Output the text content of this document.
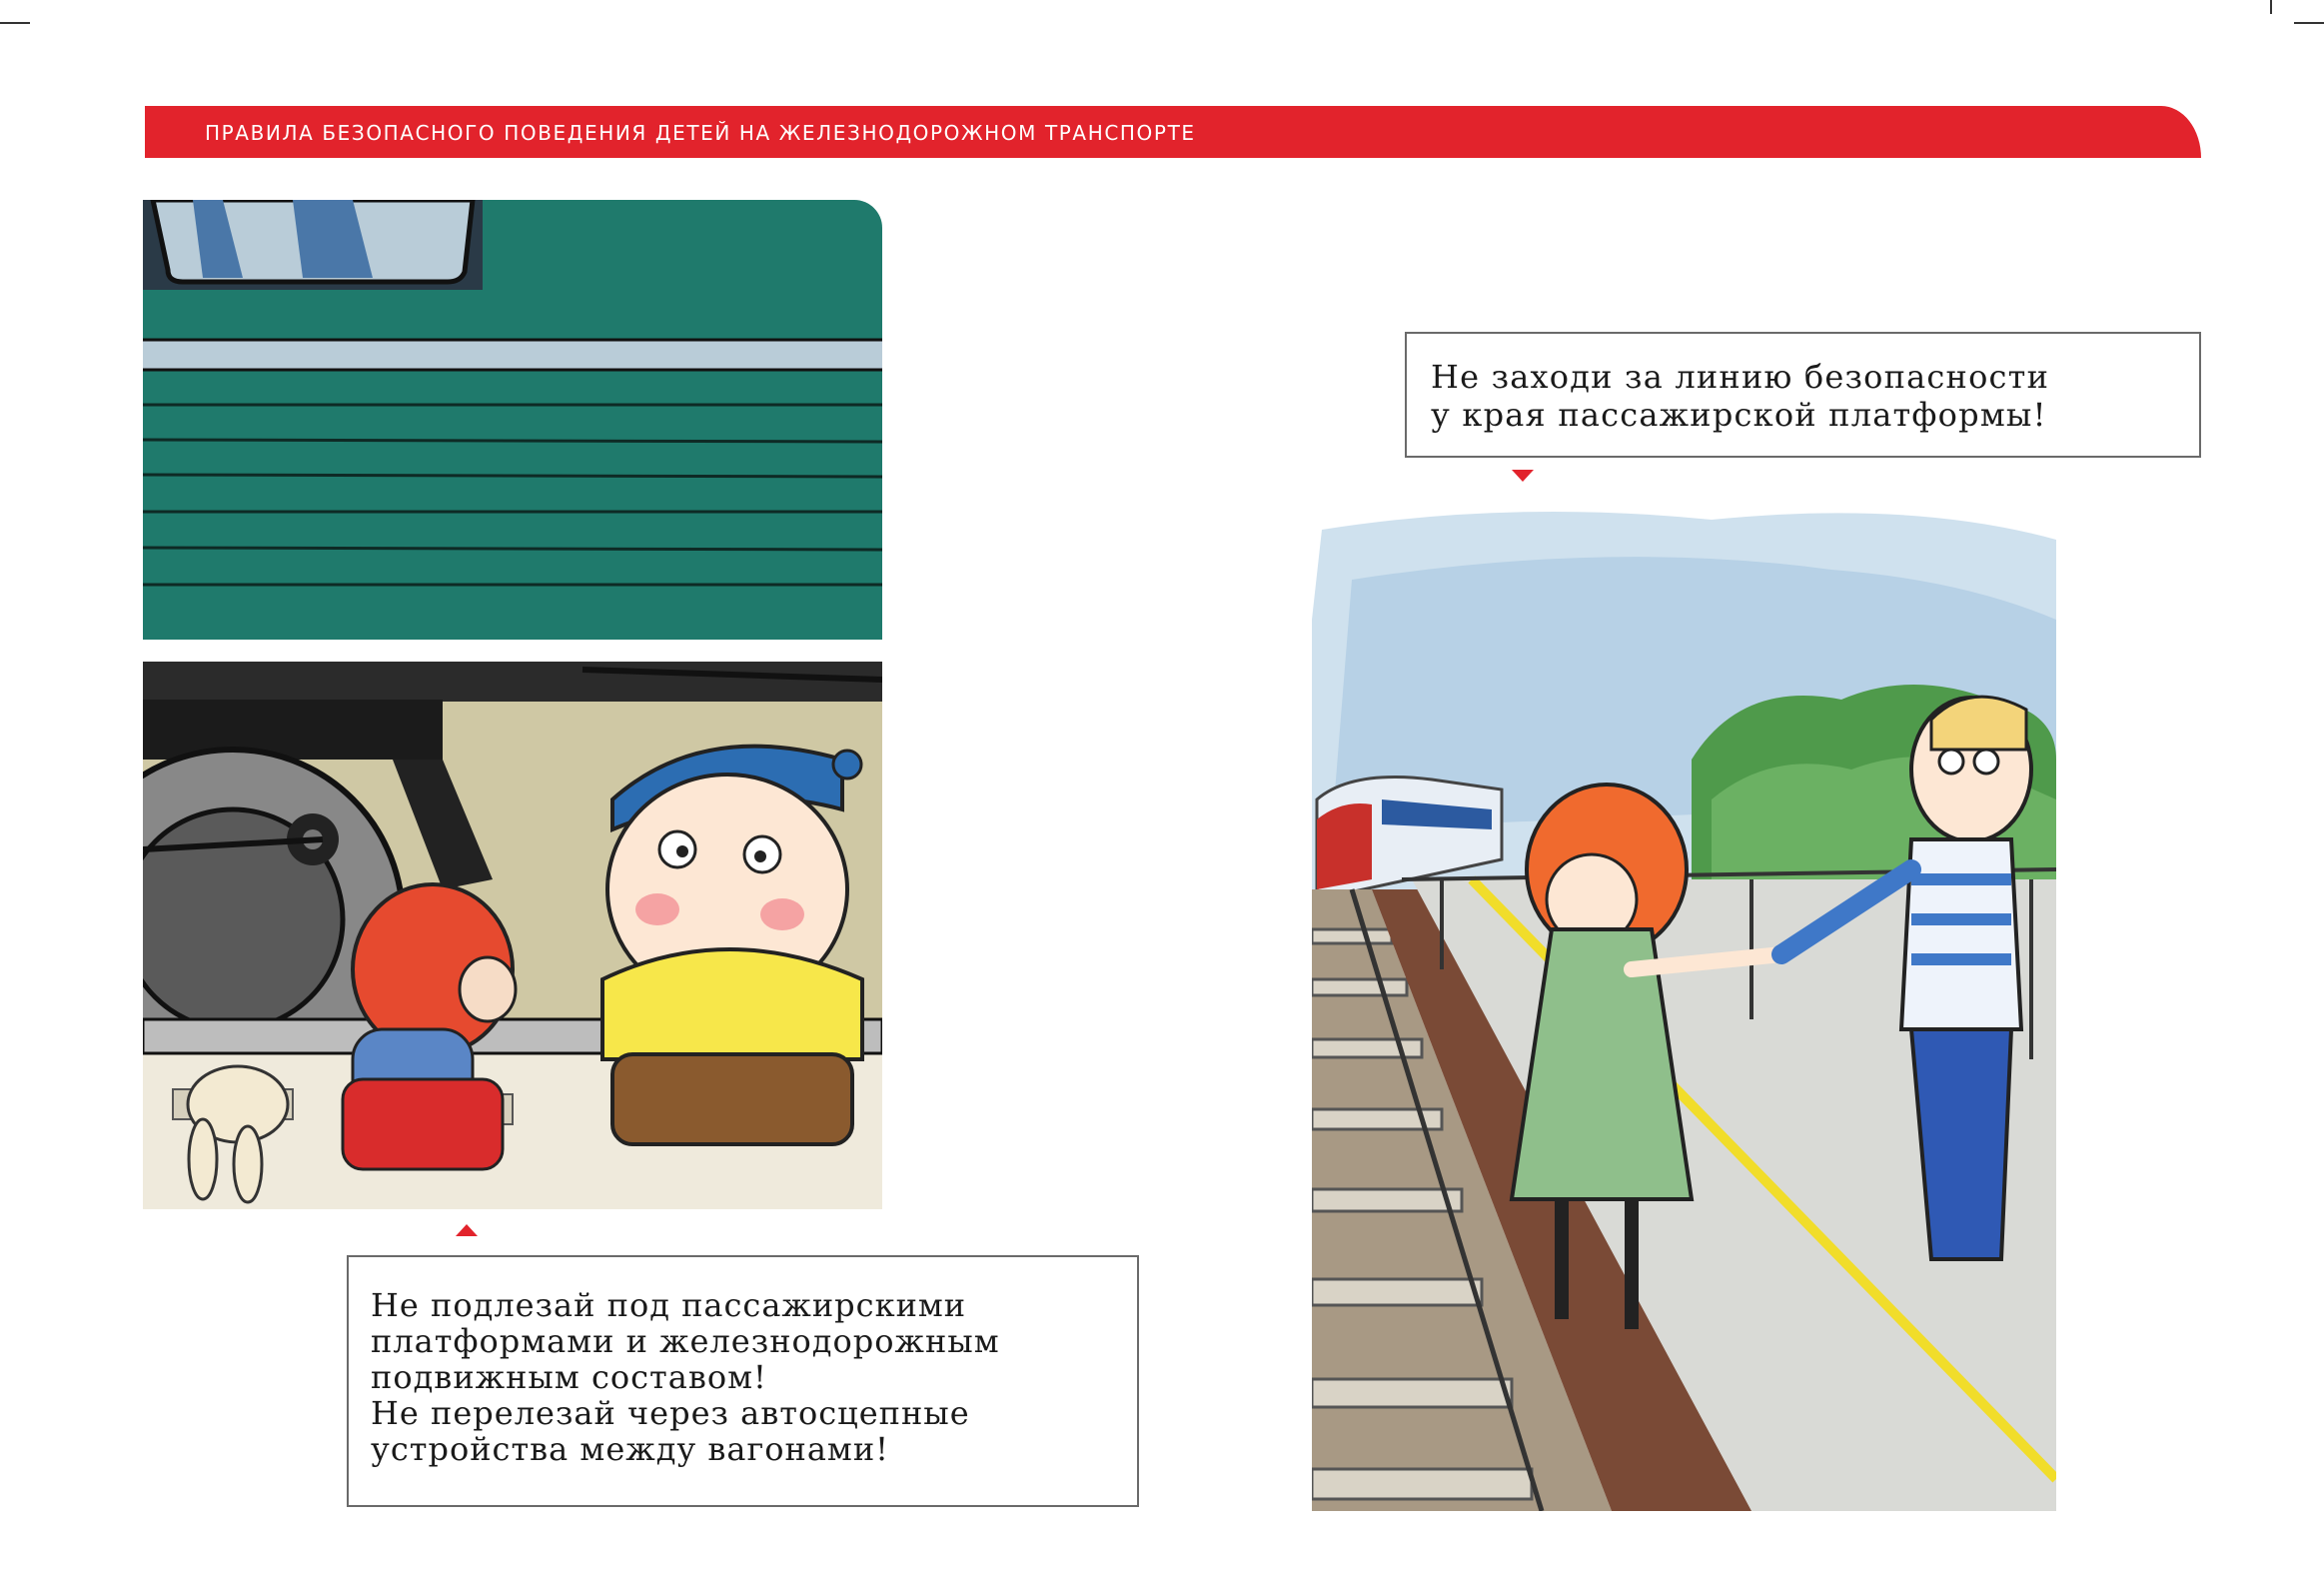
ПРАВИЛА БЕЗОПАСНОГО ПОВЕДЕНИЯ ДЕТЕЙ НА ЖЕЛЕЗНОДОРОЖНОМ ТРАНСПОРТЕ
Не подлезай под пассажирскими
платформами и железнодорожным
подвижным составом!
Не перелезай через автосцепные
устройства между вагонами!
Не заходи за линию безопасности
у края пассажирской платформы!
